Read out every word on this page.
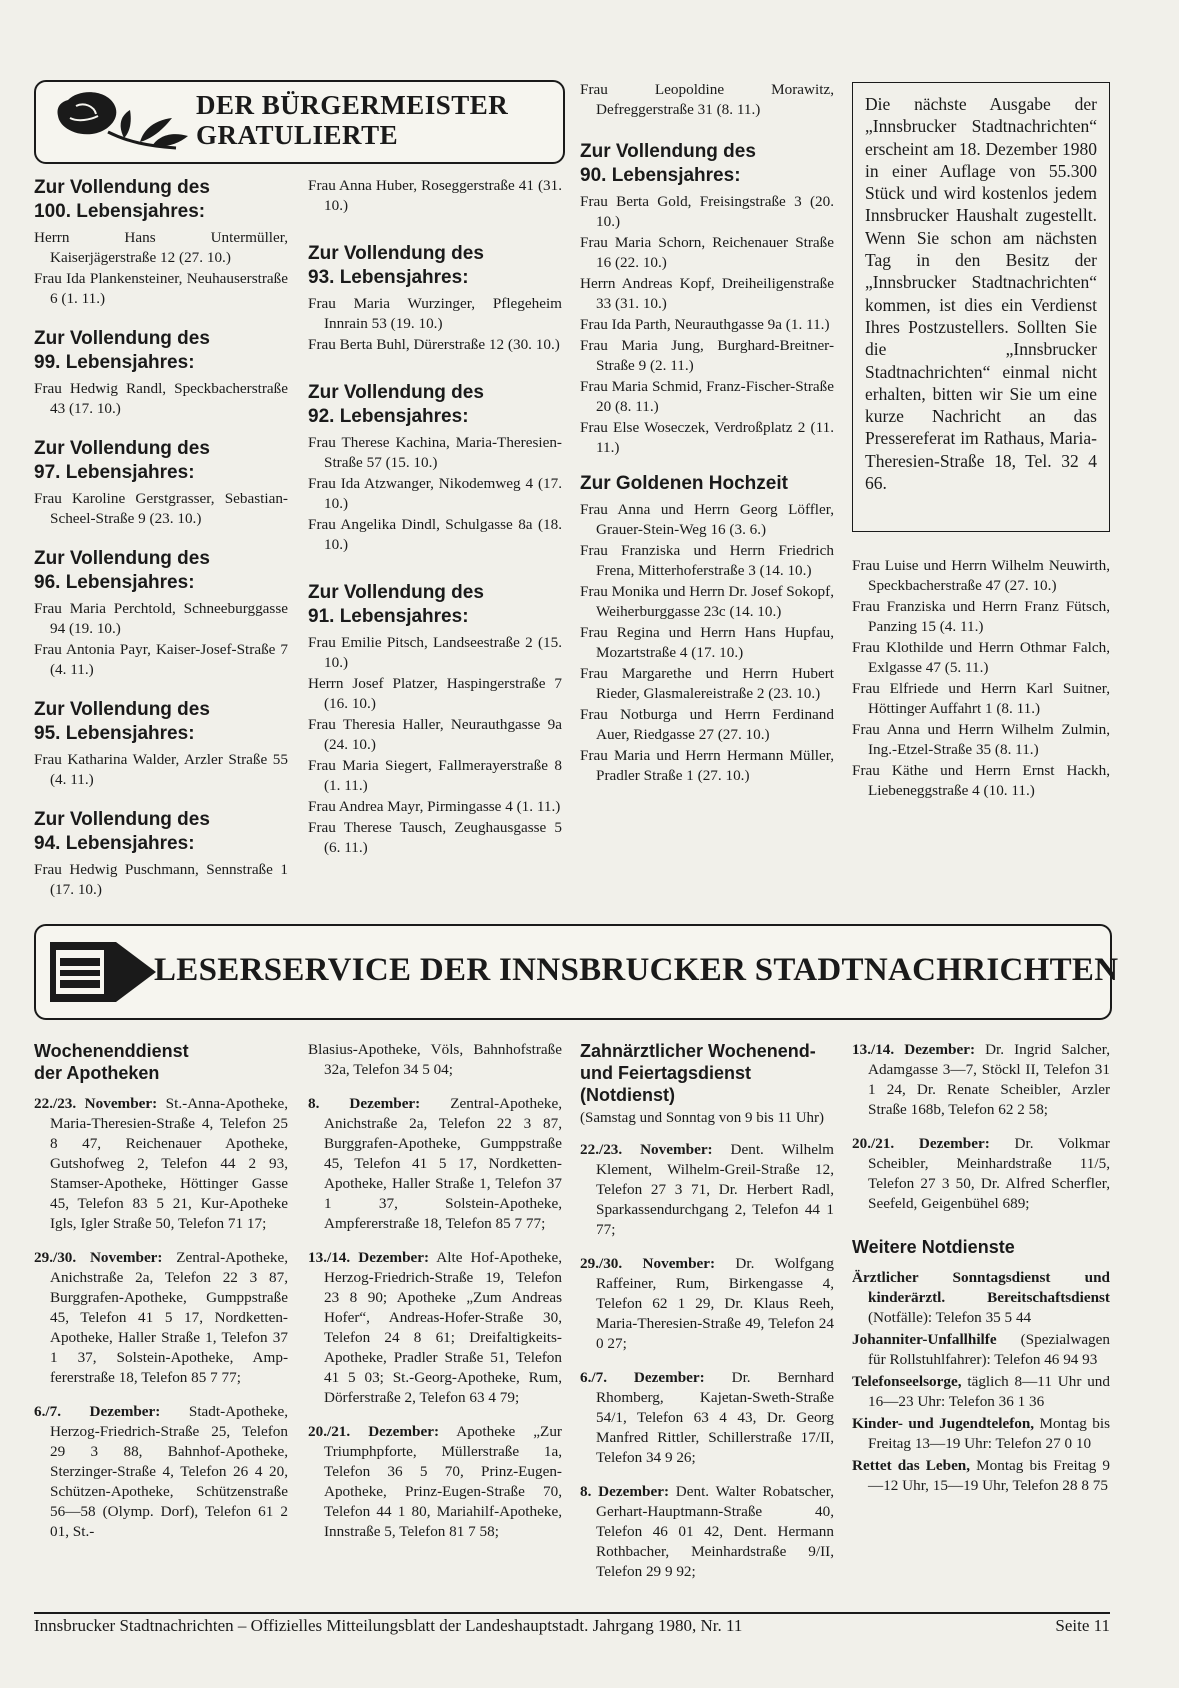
DER BÜRGERMEISTER
GRATULIERTE
Zur Vollendung des
100. Lebensjahres:
Herrn Hans Untermüller, Kaiserjägerstraße 12 (27. 10.)
Frau Ida Plankensteiner, Neuhauserstraße 6 (1. 11.)
Zur Vollendung des
99. Lebensjahres:
Frau Hedwig Randl, Speckbacherstraße 43 (17. 10.)
Zur Vollendung des
97. Lebensjahres:
Frau Karoline Gerstgrasser, Sebastian-Scheel-Straße 9 (23. 10.)
Zur Vollendung des
96. Lebensjahres:
Frau Maria Perchtold, Schneeburggasse 94 (19. 10.)
Frau Antonia Payr, Kaiser-Josef-Straße 7 (4. 11.)
Zur Vollendung des
95. Lebensjahres:
Frau Katharina Walder, Arzler Straße 55 (4. 11.)
Zur Vollendung des
94. Lebensjahres:
Frau Hedwig Puschmann, Sennstraße 1 (17. 10.)
Frau Anna Huber, Roseggerstraße 41 (31. 10.)
Zur Vollendung des
93. Lebensjahres:
Frau Maria Wurzinger, Pflegeheim Innrain 53 (19. 10.)
Frau Berta Buhl, Dürerstraße 12 (30. 10.)
Zur Vollendung des
92. Lebensjahres:
Frau Therese Kachina, Maria-Theresien-Straße 57 (15. 10.)
Frau Ida Atzwanger, Nikodemweg 4 (17. 10.)
Frau Angelika Dindl, Schulgasse 8a (18. 10.)
Zur Vollendung des
91. Lebensjahres:
Frau Emilie Pitsch, Landseestraße 2 (15. 10.)
Herrn Josef Platzer, Haspingerstraße 7 (16. 10.)
Frau Theresia Haller, Neurauthgasse 9a (24. 10.)
Frau Maria Siegert, Fallmerayerstraße 8 (1. 11.)
Frau Andrea Mayr, Pirmingasse 4 (1. 11.)
Frau Therese Tausch, Zeughausgasse 5 (6. 11.)
Frau Leopoldine Morawitz, Defreggerstraße 31 (8. 11.)
Zur Vollendung des
90. Lebensjahres:
Frau Berta Gold, Freisingstraße 3 (20. 10.)
Frau Maria Schorn, Reichenauer Straße 16 (22. 10.)
Herrn Andreas Kopf, Dreiheiligenstraße 33 (31. 10.)
Frau Ida Parth, Neurauthgasse 9a (1. 11.)
Frau Maria Jung, Burghard-Breitner-Straße 9 (2. 11.)
Frau Maria Schmid, Franz-Fischer-Straße 20 (8. 11.)
Frau Else Woseczek, Verdroßplatz 2 (11. 11.)
Zur Goldenen Hochzeit
Frau Anna und Herrn Georg Löffler, Grauer-Stein-Weg 16 (3. 6.)
Frau Franziska und Herrn Friedrich Frena, Mitterhoferstraße 3 (14. 10.)
Frau Monika und Herrn Dr. Josef Sokopf, Weiherburggasse 23c (14. 10.)
Frau Regina und Herrn Hans Hupfau, Mozartstraße 4 (17. 10.)
Frau Margarethe und Herrn Hubert Rieder, Glasmalereistraße 2 (23. 10.)
Frau Notburga und Herrn Ferdinand Auer, Riedgasse 27 (27. 10.)
Frau Maria und Herrn Hermann Müller, Pradler Straße 1 (27. 10.)
Die nächste Ausgabe der „Innsbrucker Stadtnachrichten“ erscheint am 18. Dezember 1980 in einer Auflage von 55.300 Stück und wird kostenlos jedem Innsbrucker Haushalt zugestellt. Wenn Sie schon am nächsten Tag in den Besitz der „Innsbrucker Stadtnachrichten“ kommen, ist dies ein Verdienst Ihres Postzustellers. Sollten Sie die „Innsbrucker Stadtnachrichten“ einmal nicht erhalten, bitten wir Sie um eine kurze Nachricht an das Pressereferat im Rathaus, Maria-Theresien-Straße 18, Tel. 32 4 66.
Frau Luise und Herrn Wilhelm Neuwirth, Speckbacherstraße 47 (27. 10.)
Frau Franziska und Herrn Franz Fütsch, Panzing 15 (4. 11.)
Frau Klothilde und Herrn Othmar Falch, Exlgasse 47 (5. 11.)
Frau Elfriede und Herrn Karl Suitner, Höttinger Auffahrt 1 (8. 11.)
Frau Anna und Herrn Wilhelm Zulmin, Ing.-Etzel-Straße 35 (8. 11.)
Frau Käthe und Herrn Ernst Hackh, Liebeneggstraße 4 (10. 11.)
LESERSERVICE DER INNSBRUCKER STADTNACHRICHTEN
Wochenenddienst
der Apotheken
22./23. November: St.-Anna-Apotheke, Maria-Theresien-Straße 4, Telefon 25 8 47, Reichenauer Apotheke, Gutshofweg 2, Telefon 44 2 93, Stamser-Apotheke, Höttinger Gasse 45, Telefon 83 5 21, Kur-Apotheke Igls, Igler Straße 50, Telefon 71 17;
29./30. November: Zentral-Apotheke, Anichstraße 2a, Telefon 22 3 87, Burggrafen-Apotheke, Gumppstraße 45, Telefon 41 5 17, Nordketten-Apotheke, Haller Straße 1, Telefon 37 1 37, Solstein-Apotheke, Ampfererstraße 18, Telefon 85 7 77;
6./7. Dezember: Stadt-Apotheke, Herzog-Friedrich-Straße 25, Telefon 29 3 88, Bahnhof-Apotheke, Sterzinger-Straße 4, Telefon 26 4 20, Schützen-Apotheke, Schützenstraße 56—58 (Olymp. Dorf), Telefon 61 2 01, St.-
Blasius-Apotheke, Völs, Bahnhofstraße 32a, Telefon 34 5 04;
8. Dezember: Zentral-Apotheke, Anichstraße 2a, Telefon 22 3 87, Burggrafen-Apotheke, Gumppstraße 45, Telefon 41 5 17, Nordketten-Apotheke, Haller Straße 1, Telefon 37 1 37, Solstein-Apotheke, Ampfererstraße 18, Telefon 85 7 77;
13./14. Dezember: Alte Hof-Apotheke, Herzog-Friedrich-Straße 19, Telefon 23 8 90; Apotheke „Zum Andreas Hofer“, Andreas-Hofer-Straße 30, Telefon 24 8 61; Dreifaltigkeits-Apotheke, Pradler Straße 51, Telefon 41 5 03; St.-Georg-Apotheke, Rum, Dörferstraße 2, Telefon 63 4 79;
20./21. Dezember: Apotheke „Zur Triumphpforte, Müllerstraße 1a, Telefon 36 5 70, Prinz-Eugen-Apotheke, Prinz-Eugen-Straße 70, Telefon 44 1 80, Mariahilf-Apotheke, Innstraße 5, Telefon 81 7 58;
Zahnärztlicher Wochenend- und Feiertagsdienst (Notdienst)
(Samstag und Sonntag von 9 bis 11 Uhr)
22./23. November: Dent. Wilhelm Klement, Wilhelm-Greil-Straße 12, Telefon 27 3 71, Dr. Herbert Radl, Sparkassendurchgang 2, Telefon 44 1 77;
29./30. November: Dr. Wolfgang Raffeiner, Rum, Birkengasse 4, Telefon 62 1 29, Dr. Klaus Reeh, Maria-Theresien-Straße 49, Telefon 24 0 27;
6./7. Dezember: Dr. Bernhard Rhomberg, Kajetan-Sweth-Straße 54/1, Telefon 63 4 43, Dr. Georg Manfred Rittler, Schillerstraße 17/II, Telefon 34 9 26;
8. Dezember: Dent. Walter Robatscher, Gerhart-Hauptmann-Straße 40, Telefon 46 01 42, Dent. Hermann Rothbacher, Meinhardstraße 9/II, Telefon 29 9 92;
13./14. Dezember: Dr. Ingrid Salcher, Adamgasse 3—7, Stöckl II, Telefon 31 1 24, Dr. Renate Scheibler, Arzler Straße 168b, Telefon 62 2 58;
20./21. Dezember: Dr. Volkmar Scheibler, Meinhardstraße 11/5, Telefon 27 3 50, Dr. Alfred Scherfler, Seefeld, Geigenbühel 689;
Weitere Notdienste
Ärztlicher Sonntagsdienst und kinderärztl. Bereitschaftsdienst (Notfälle): Telefon 35 5 44
Johanniter-Unfallhilfe (Spezialwagen für Rollstuhlfahrer): Telefon 46 94 93
Telefonseelsorge, täglich 8—11 Uhr und 16—23 Uhr: Telefon 36 1 36
Kinder- und Jugendtelefon, Montag bis Freitag 13—19 Uhr: Telefon 27 0 10
Rettet das Leben, Montag bis Freitag 9—12 Uhr, 15—19 Uhr, Telefon 28 8 75
Innsbrucker Stadtnachrichten – Offizielles Mitteilungsblatt der Landeshauptstadt. Jahrgang 1980, Nr. 11	Seite 11
